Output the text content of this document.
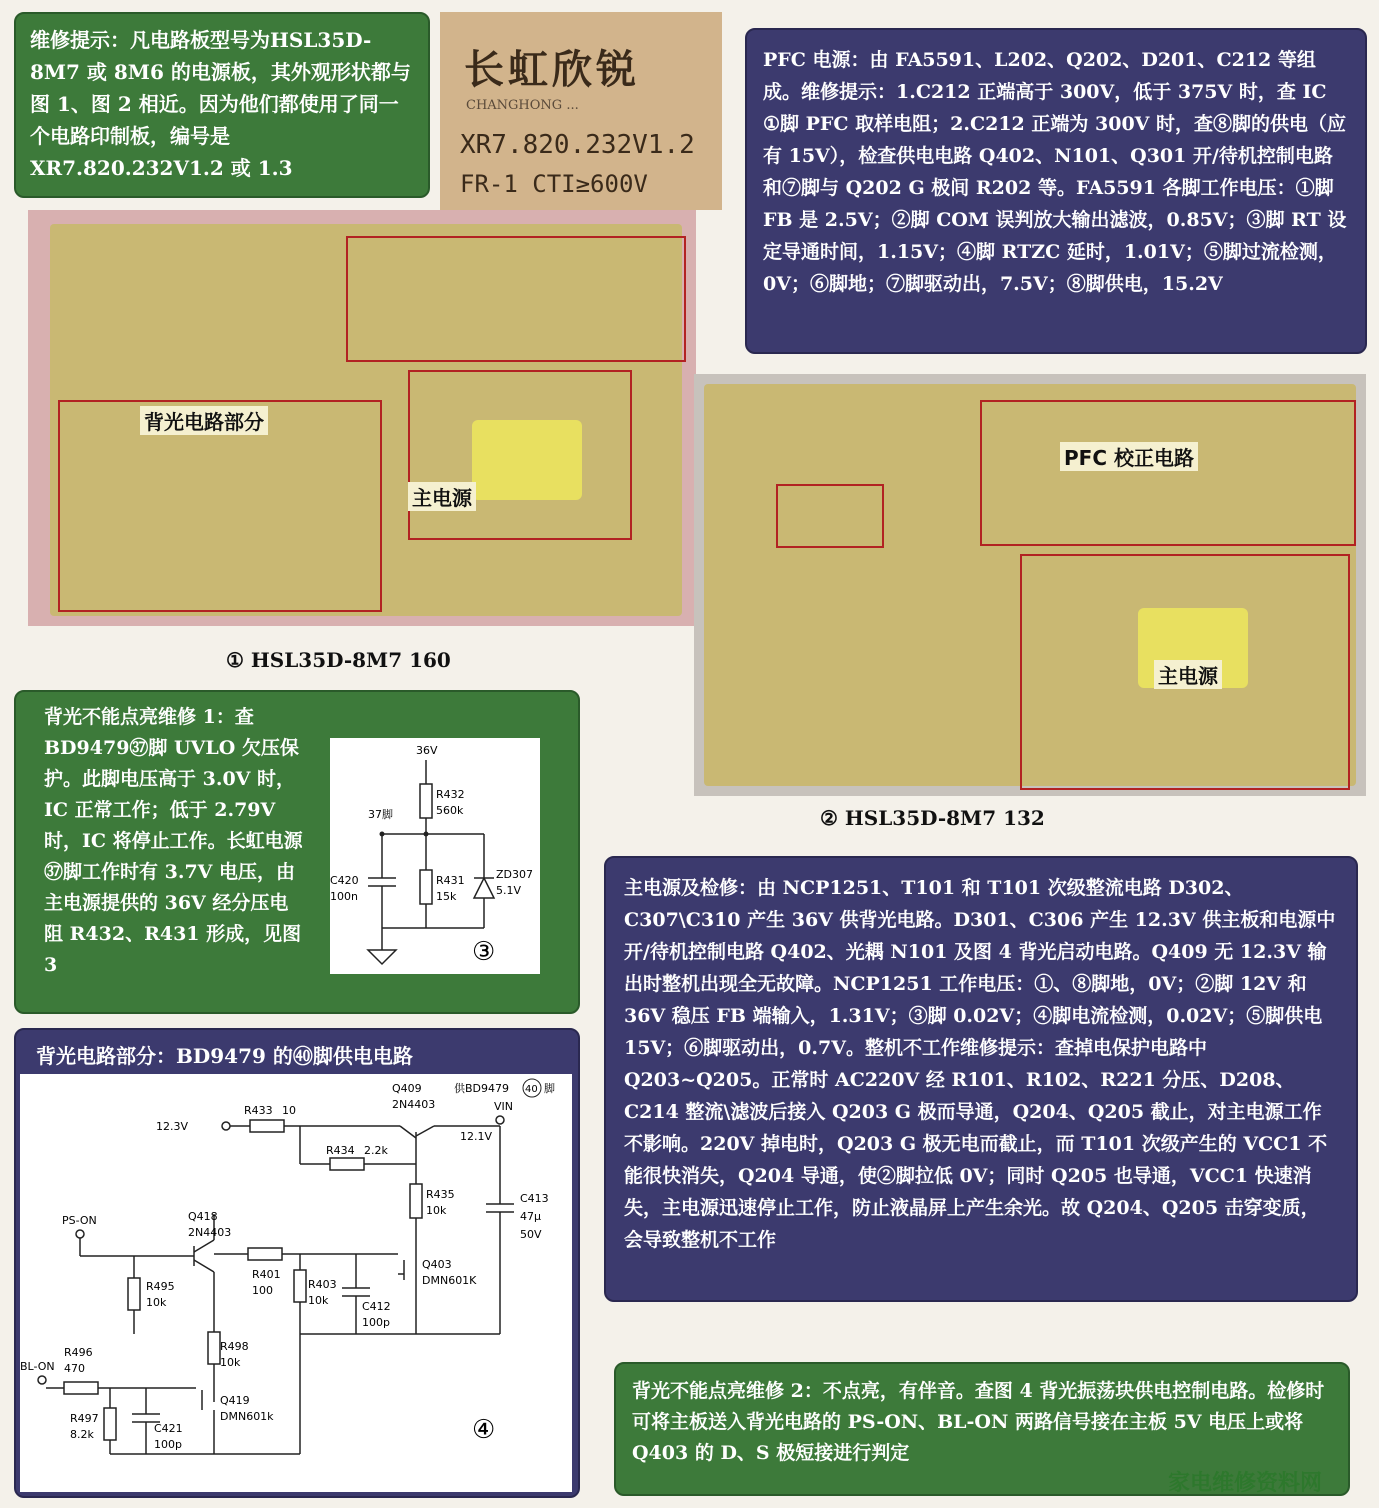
维修提示：凡电路板型号为HSL35D-8M7 或 8M6 的电源板，其外观形状都与图 1、图 2 相近。因为他们都使用了同一个电路印制板，编号是 XR7.820.232V1.2 或 1.3
长虹欣锐
CHANGHONG ...
XR7.820.232V1.2
FR-1 CTI≥600V
PFC 电源：由 FA5591、L202、Q202、D201、C212 等组成。维修提示：1.C212 正端高于 300V，低于 375V 时，查 IC ①脚 PFC 取样电阻；2.C212 正端为 300V 时，查⑧脚的供电（应有 15V），检查供电电路 Q402、N101、Q301 开/待机控制电路和⑦脚与 Q202 G 极间 R202 等。FA5591 各脚工作电压：①脚 FB 是 2.5V；②脚 COM 误判放大输出滤波，0.85V；③脚 RT 设定导通时间，1.15V；④脚 RTZC 延时，1.01V；⑤脚过流检测，0V；⑥脚地；⑦脚驱动出，7.5V；⑧脚供电，15.2V
背光电路部分
主电源
① HSL35D-8M7 160
PFC 校正电路
主电源
② HSL35D-8M7 132
背光不能点亮维修 1：查 BD9479㊲脚 UVLO 欠压保护。此脚电压高于 3.0V 时，IC 正常工作；低于 2.79V 时，IC 将停止工作。长虹电源㊲脚工作时有 3.7V 电压，由主电源提供的 36V 经分压电阻 R432、R431 形成，见图 3
36V
37脚
R432
560k
R431
15k
ZD307
5.1V
C420
100n
③
背光电路部分：BD9479 的㊵脚供电电路
Q409
2N4403
供BD9479 40 脚
VIN
12.3V
R433 10
12.1V
R434 2.2k
R435
10k
C413
47μ
50V
PS-ON	Q418
2N4403
R401
100
R495
10k
R403
10k	C412
100p
Q403
DMN601K
R498
10k
BL-ON
R496
470
Q419
DMN601k
R497
8.2k	C421
100p	④
主电源及检修：由 NCP1251、T101 和 T101 次级整流电路 D302、C307\C310 产生 36V 供背光电路。D301、C306 产生 12.3V 供主板和电源中开/待机控制电路 Q402、光耦 N101 及图 4 背光启动电路。Q409 无 12.3V 输出时整机出现全无故障。NCP1251 工作电压：①、⑧脚地，0V；②脚 12V 和 36V 稳压 FB 端输入，1.31V；③脚 0.02V；④脚电流检测，0.02V；⑤脚供电 15V；⑥脚驱动出，0.7V。整机不工作维修提示：查掉电保护电路中 Q203~Q205。正常时 AC220V 经 R101、R102、R221 分压、D208、C214 整流\滤波后接入 Q203 G 极而导通，Q204、Q205 截止，对主电源工作不影响。220V 掉电时，Q203 G 极无电而截止，而 T101 次级产生的 VCC1 不能很快消失，Q204 导通，使②脚拉低 0V；同时 Q205 也导通，VCC1 快速消失，主电源迅速停止工作，防止液晶屏上产生余光。故 Q204、Q205 击穿变质，会导致整机不工作
背光不能点亮维修 2：不点亮，有伴音。查图 4 背光振荡块供电控制电路。检修时可将主板送入背光电路的 PS-ON、BL-ON 两路信号接在主板 5V 电压上或将 Q403 的 D、S 极短接进行判定
家电维修资料网
